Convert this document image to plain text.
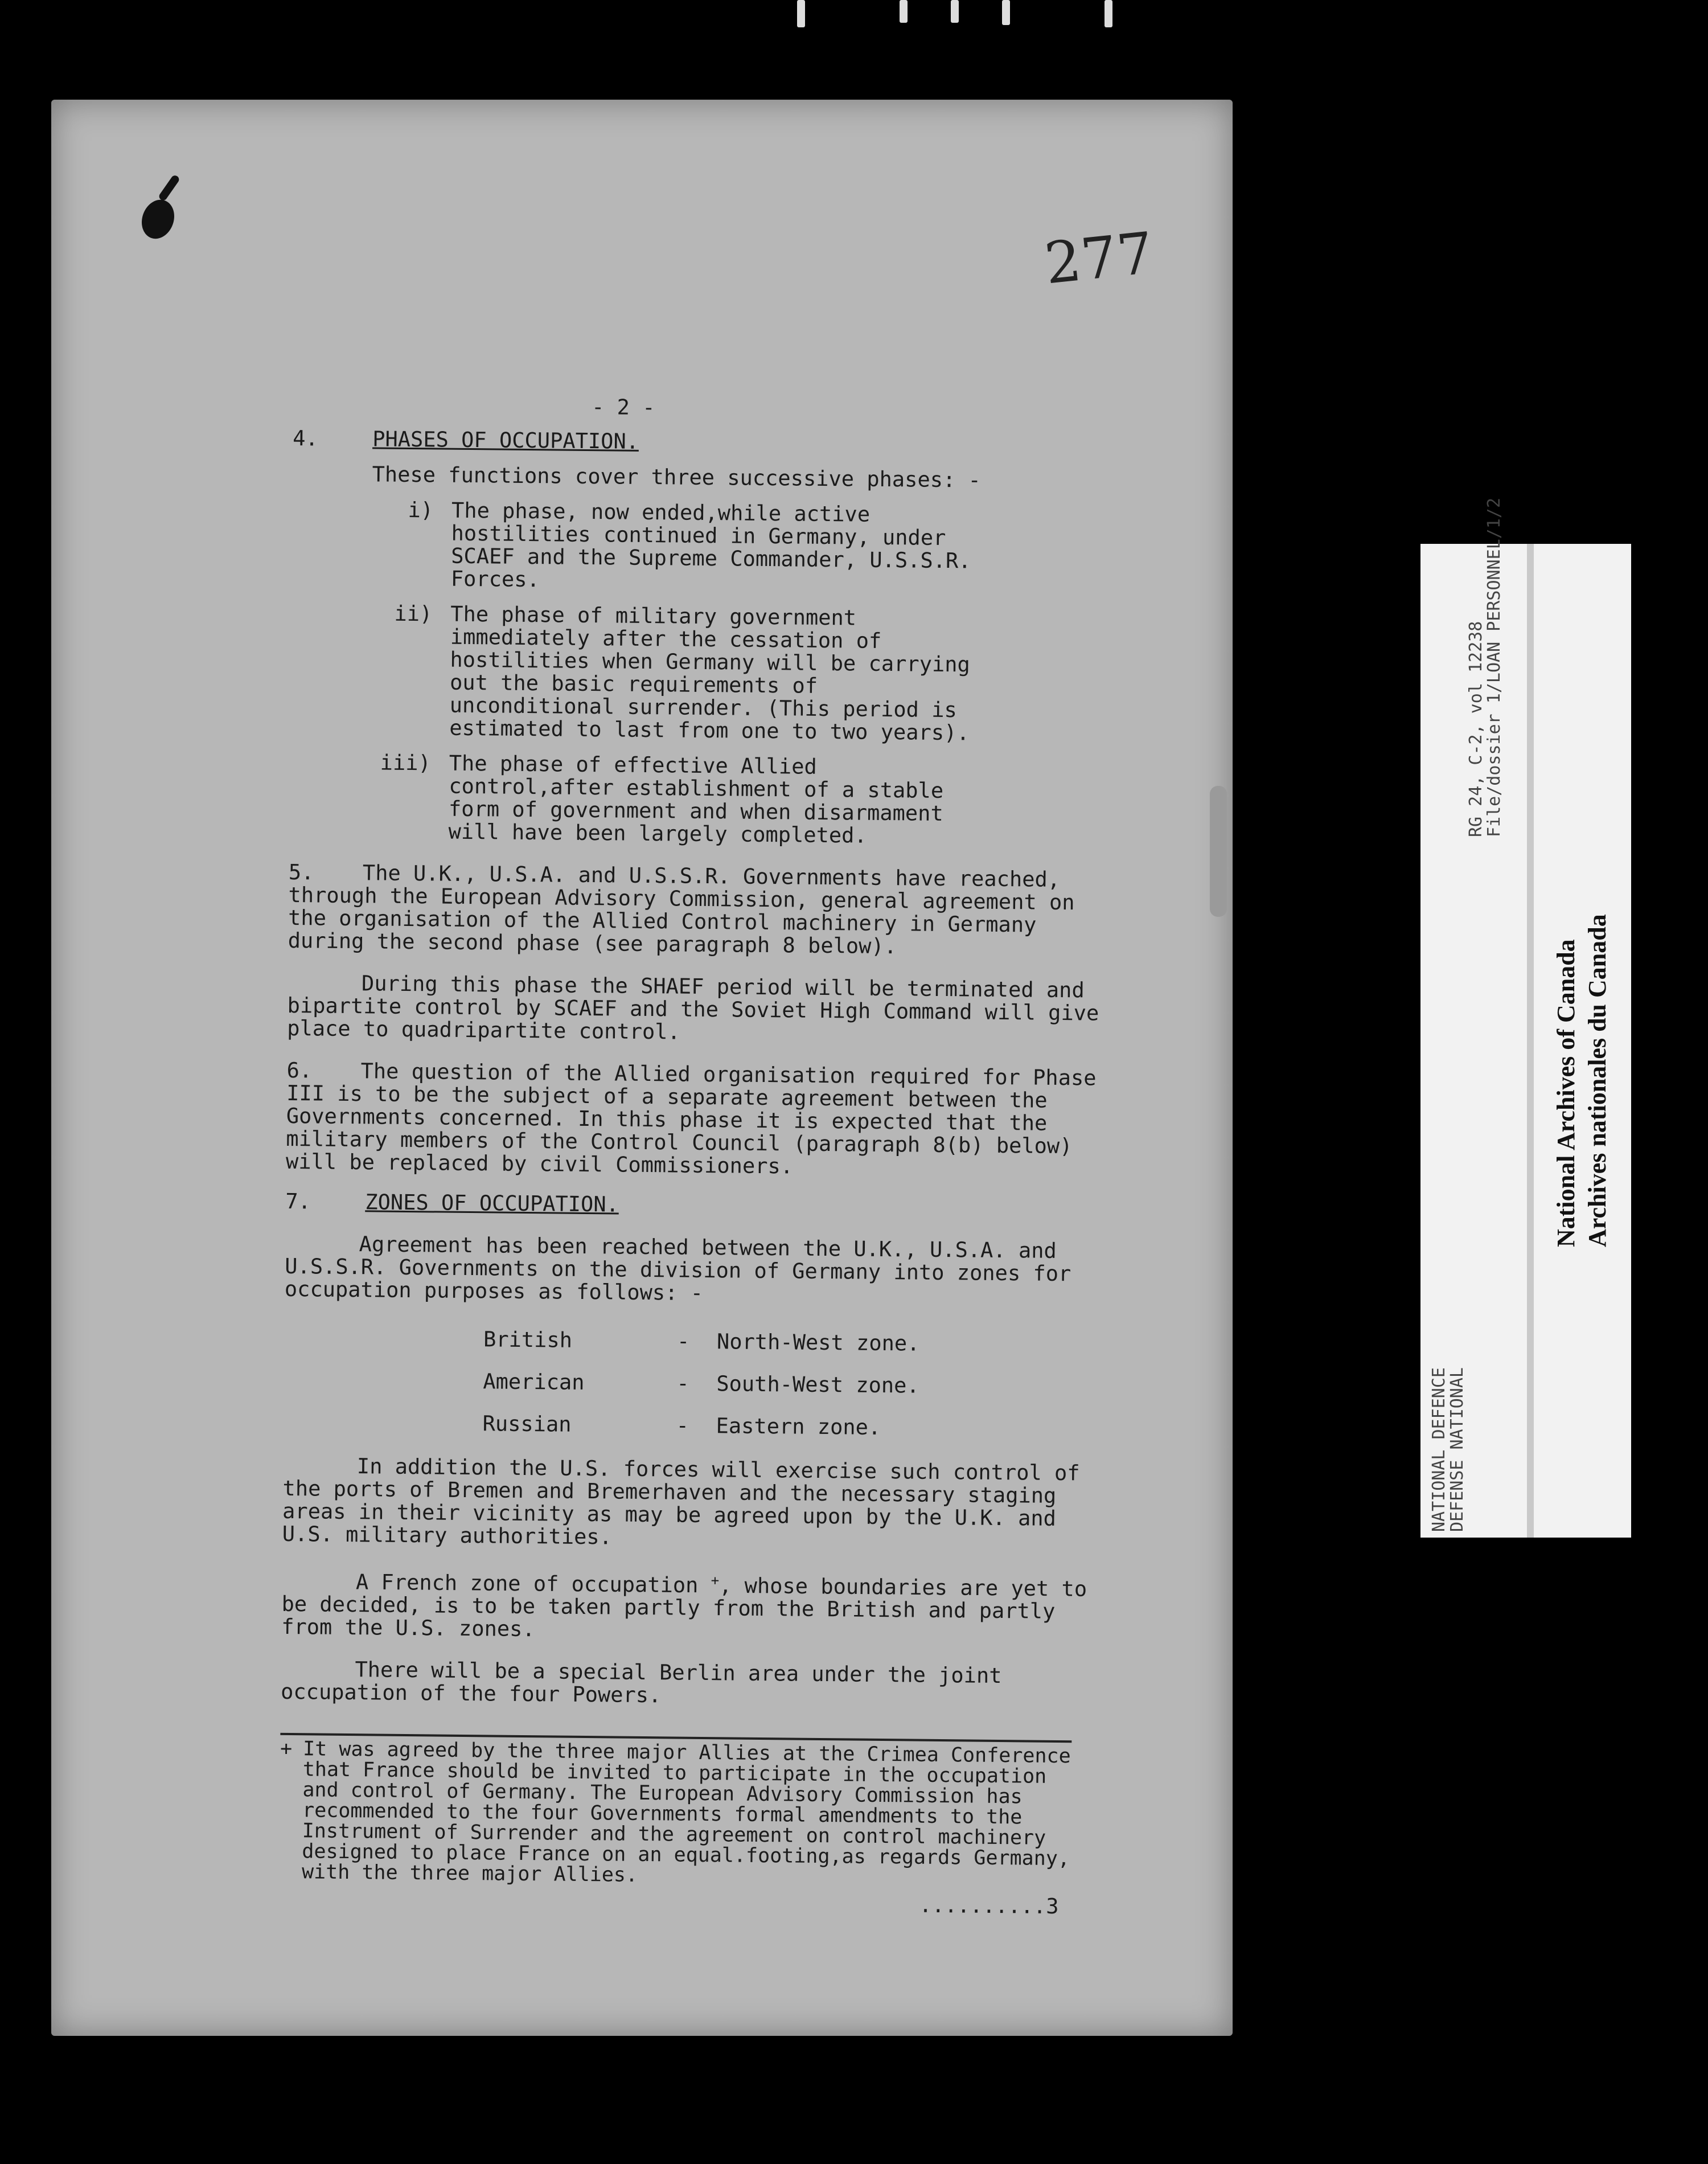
277
- 2 -
4.	PHASES OF OCCUPATION.
These functions cover three successive phases: -
i) The phase, now ended,while active hostilities continued in Germany, under SCAEF and the Supreme Commander, U.S.S.R. Forces.
ii) The phase of military government immediately after the cessation of hostilities when Germany will be carrying out the basic requirements of unconditional surrender. (This period is estimated to last from one to two years).
iii) The phase of effective Allied control,after establishment of a stable form of government and when disarmament will have been largely completed.
5. The U.K., U.S.A. and U.S.S.R. Governments have reached, through the European Advisory Commission, general agreement on the organisation of the Allied Control machinery in Germany during the second phase (see paragraph 8 below).
During this phase the SHAEF period will be terminated and bipartite control by SCAEF and the Soviet High Command will give place to quadripartite control.
6. The question of the Allied organisation required for Phase III is to be the subject of a separate agreement between the Governments concerned. In this phase it is expected that the military members of the Control Council (paragraph 8(b) below) will be replaced by civil Commissioners.
7.	ZONES OF OCCUPATION.
Agreement has been reached between the U.K., U.S.A. and U.S.S.R. Governments on the division of Germany into zones for occupation purposes as follows: -
British	-	North-West zone.
American	-	South-West zone.
Russian	-	Eastern zone.
In addition the U.S. forces will exercise such control of the ports of Bremen and Bremerhaven and the necessary staging areas in their vicinity as may be agreed upon by the U.K. and U.S. military authorities.
A French zone of occupation +, whose boundaries are yet to be decided, is to be taken partly from the British and partly from the U.S. zones.
There will be a special Berlin area under the joint occupation of the four Powers.
+ It was agreed by the three major Allies at the Crimea Conference that France should be invited to participate in the occupation and control of Germany. The European Advisory Commission has recommended to the four Governments formal amendments to the Instrument of Surrender and the agreement on control machinery designed to place France on an equal.footing,as regards Germany, with the three major Allies.
..........3
NATIONAL DEFENCE
DEFENSE NATIONAL
RG 24, C-2, vol 12238
File/dossier 1/LOAN PERSONNEL/1/2
National Archives of Canada Archives nationales du Canada
